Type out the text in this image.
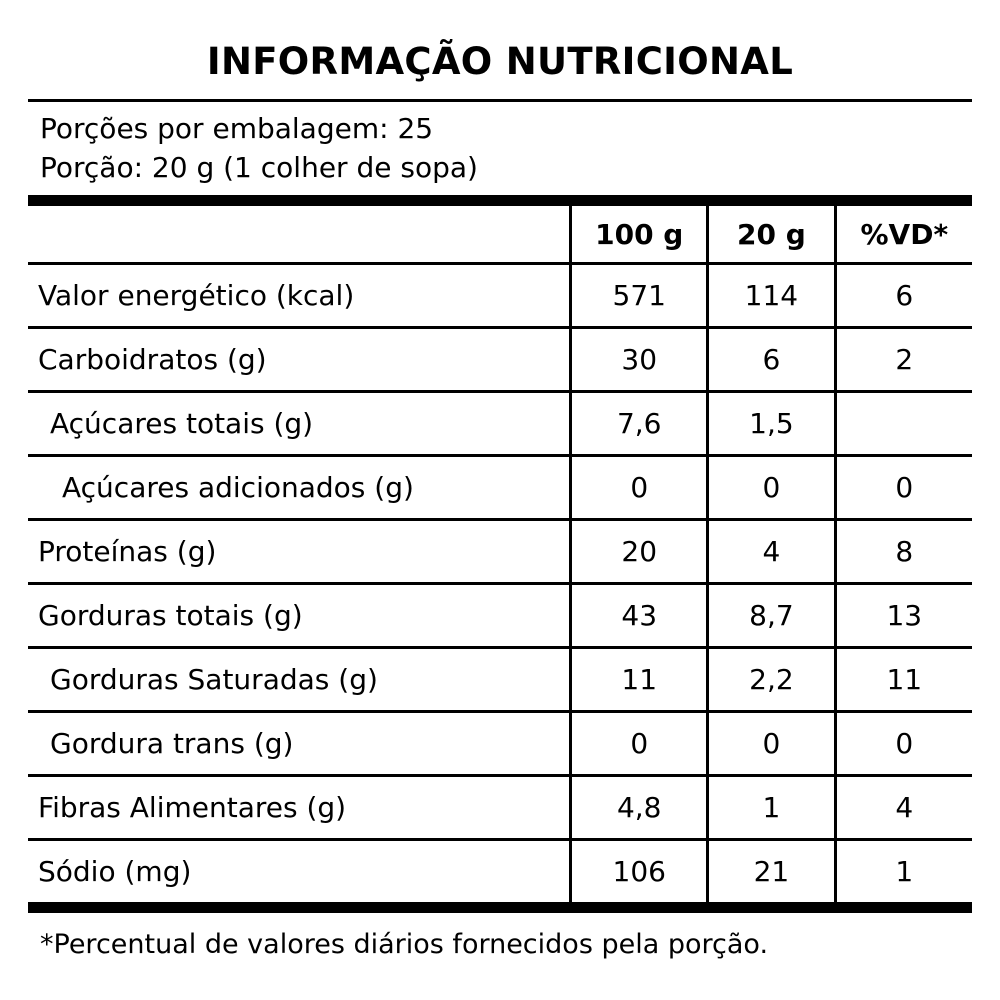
INFORMAÇÃO NUTRICIONAL
Porções por embalagem: 25
Porção: 20 g (1 colher de sopa)
	100 g	20 g	%VD*
Valor energético (kcal)	571	114	6
Carboidratos (g)	30	6	2
Açúcares totais (g)	7,6	1,5	
Açúcares adicionados (g)	0	0	0
Proteínas (g)	20	4	8
Gorduras totais (g)	43	8,7	13
Gorduras Saturadas (g)	11	2,2	11
Gordura trans (g)	0	0	0
Fibras Alimentares (g)	4,8	1	4
Sódio (mg)	106	21	1
*Percentual de valores diários fornecidos pela porção.
